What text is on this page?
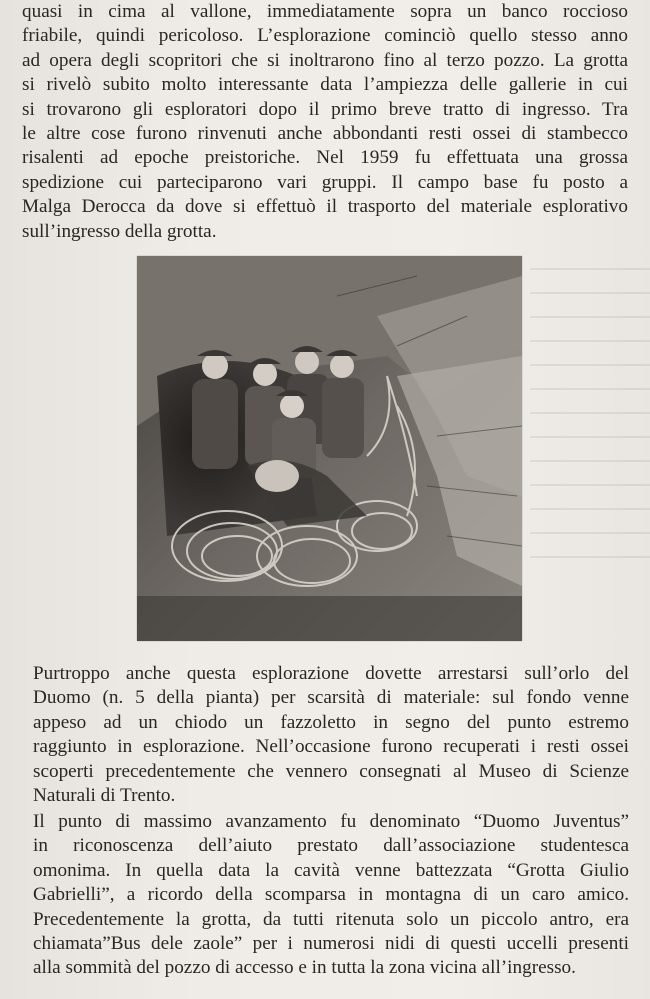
quasi in cima al vallone, immediatamente sopra un banco roccioso
friabile, quindi pericoloso. L’esplorazione cominciò quello stesso anno
ad opera degli scopritori che si inoltrarono fino al terzo pozzo. La grotta
si rivelò subito molto interessante data l’ampiezza delle gallerie in cui
si trovarono gli esploratori dopo il primo breve tratto di ingresso. Tra
le altre cose furono rinvenuti anche abbondanti resti ossei di stambecco
risalenti ad epoche preistoriche. Nel 1959 fu effettuata una grossa
spedizione cui parteciparono vari gruppi. Il campo base fu posto a
Malga Derocca da dove si effettuò il trasporto del materiale esplorativo
sull’ingresso della grotta.

Purtroppo anche questa esplorazione dovette arrestarsi sull’orlo del
Duomo (n. 5 della pianta) per scarsità di materiale: sul fondo venne
appeso ad un chiodo un fazzoletto in segno del punto estremo
raggiunto in esplorazione. Nell’occasione furono recuperati i resti ossei
scoperti precedentemente che vennero consegnati al Museo di Scienze
Naturali di Trento.

Il punto di massimo avanzamento fu denominato “Duomo Juventus”
in riconoscenza dell’aiuto prestato dall’associazione studentesca
omonima. In quella data la cavità venne battezzata “Grotta Giulio
Gabrielli”, a ricordo della scomparsa in montagna di un caro amico.
Precedentemente la grotta, da tutti ritenuta solo un piccolo antro, era
chiamata”Bus dele zaole” per i numerosi nidi di questi uccelli presenti
alla sommità del pozzo di accesso e in tutta la zona vicina all’ingresso.
